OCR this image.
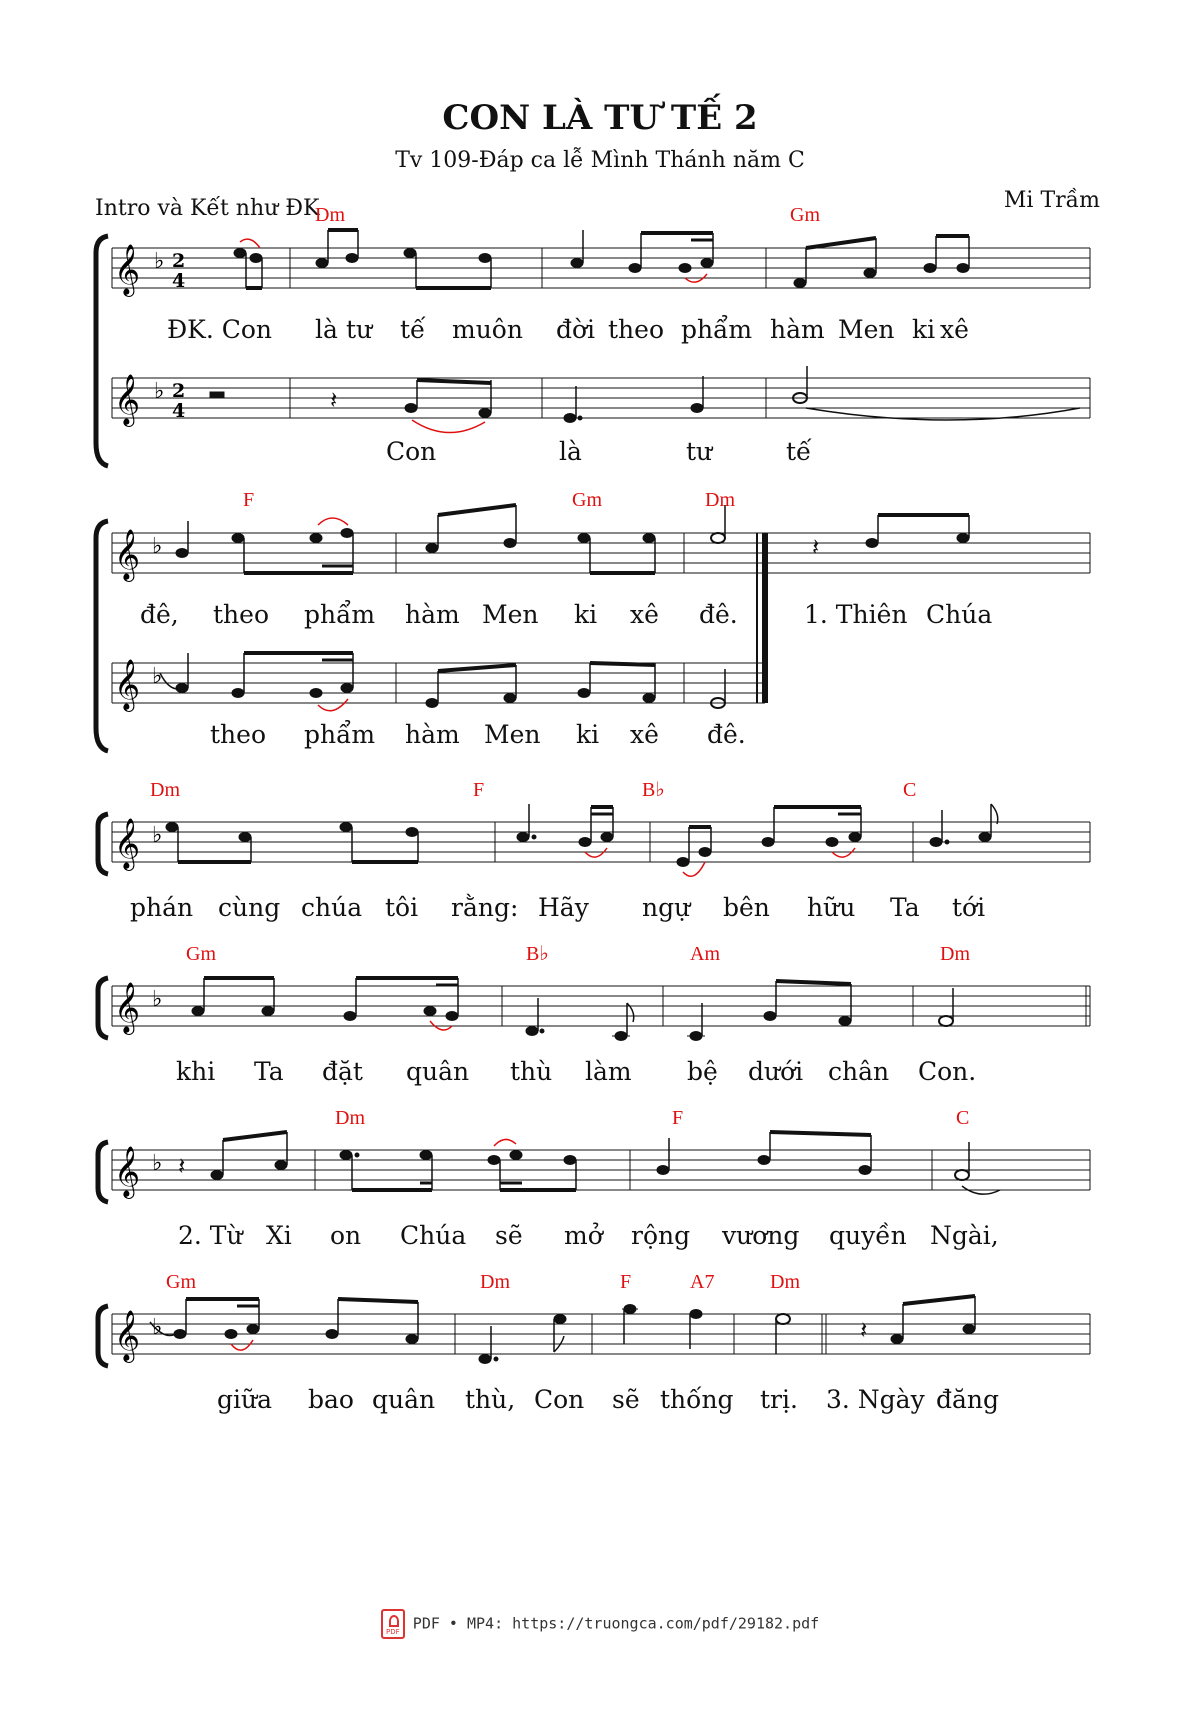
CON LÀ TƯ TẾ 2
Tv 109-Đáp ca lễ Mình Thánh năm C
Intro và Kết như ĐK	Mi Trầm
𝄞
𝄞
♭
♭
2
4
2
4	𝄽
Dm	Gm
ĐK. Con là tư tế muôn đời theo phẩm hàm Men ki xê
Con	là	tư	tế
𝄞
𝄞
♭
♭
𝄽
F	Gm	Dm
đê, theo phẩm hàm Men ki xê đê.	1. Thiên Chúa
theo phẩm hàm Men ki xê đê.
𝄞 ♭
Dm	F	B♭	C
phán cùng chúa tôi rằng: Hãy ngự bên hữu Ta tới
𝄞 ♭
Gm	B♭	Am	Dm
khi Ta đặt quân thù làm bệ dưới chân Con.
𝄞 ♭ 𝄽
Dm	F	C
2. Từ Xi on Chúa sẽ mở rộng vương quyền Ngài,
𝄞 ♭	𝄽
Gm	Dm	F	A7	Dm
giữa bao quân thù, Con sẽ thống trị. 3. Ngày đăng
PDFPDF • MP4: https://truongca.com/pdf/29182.pdf
